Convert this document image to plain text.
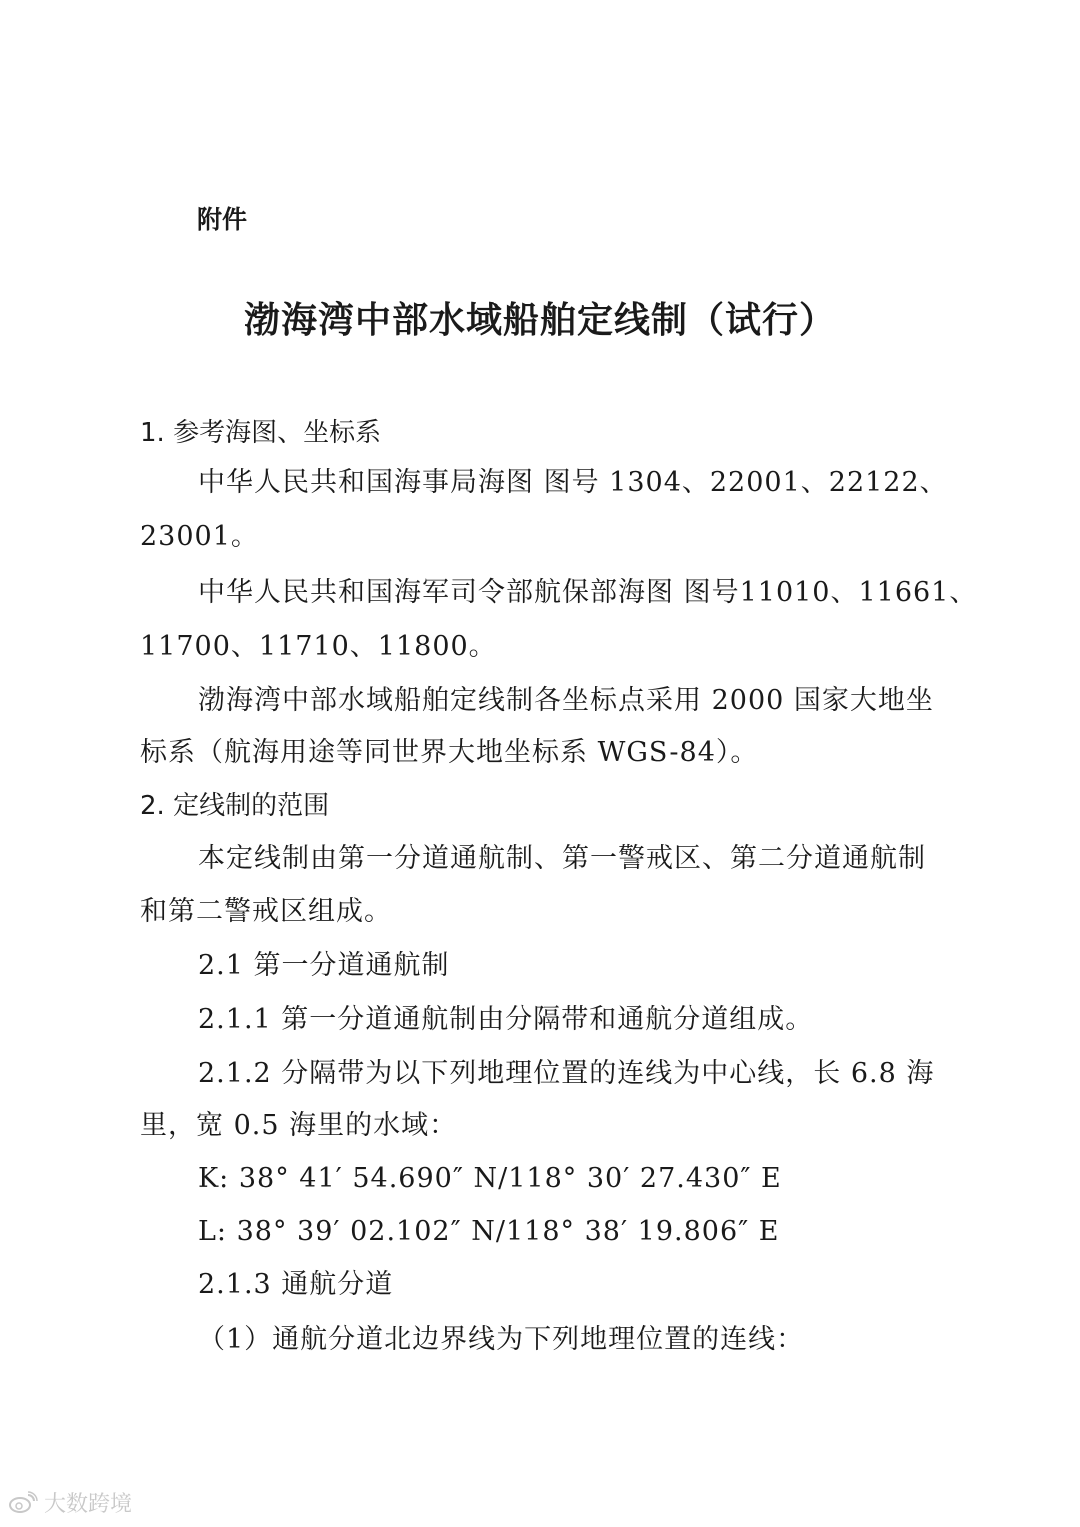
附件
渤海湾中部水域船舶定线制（试行）
1. 参考海图、坐标系
中华人民共和国海事局海图 图号 1304、22001、22122、
23001。
中华人民共和国海军司令部航保部海图 图号11010、11661、
11700、11710、11800。
渤海湾中部水域船舶定线制各坐标点采用 2000 国家大地坐
标系（航海用途等同世界大地坐标系 WGS-84）。
2. 定线制的范围
本定线制由第一分道通航制、第一警戒区、第二分道通航制
和第二警戒区组成。
2.1 第一分道通航制
2.1.1 第一分道通航制由分隔带和通航分道组成。
2.1.2 分隔带为以下列地理位置的连线为中心线，长 6.8 海
里，宽 0.5 海里的水域：
K: 38° 41′ 54.690″ N/118° 30′ 27.430″ E
L: 38° 39′ 02.102″ N/118° 38′ 19.806″ E
2.1.3 通航分道
（1）通航分道北边界线为下列地理位置的连线：
大数跨境
